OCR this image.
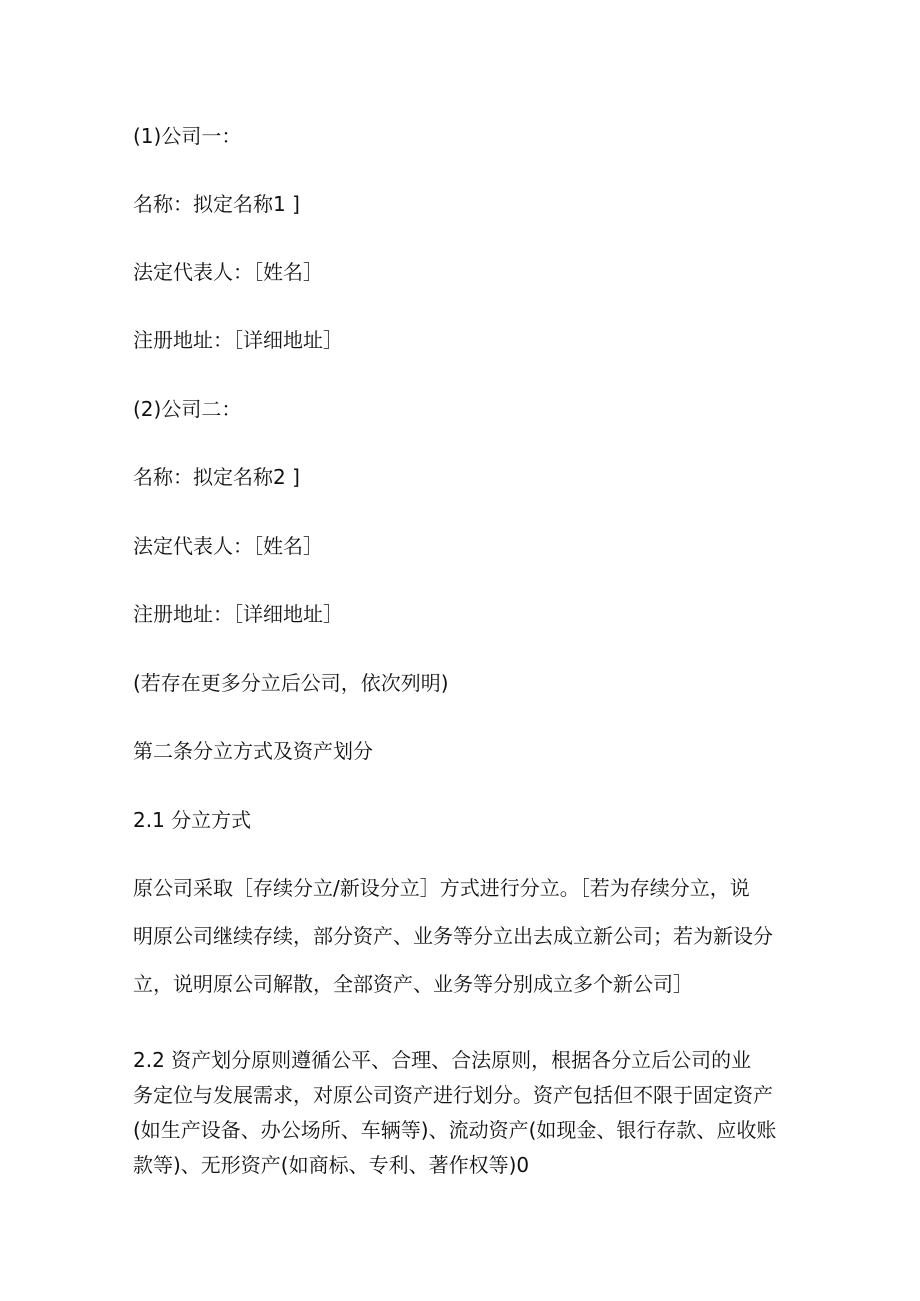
(1)公司一：

名称：拟定名称1 ]

法定代表人：［姓名］

注册地址：［详细地址］

(2)公司二：

名称：拟定名称2 ]

法定代表人：［姓名］

注册地址：［详细地址］

(若存在更多分立后公司，依次列明)

第二条分立方式及资产划分

2.1 分立方式

原公司采取［存续分立/新设分立］方式进行分立。［若为存续分立，说
明原公司继续存续，部分资产、业务等分立出去成立新公司；若为新设分
立，说明原公司解散，全部资产、业务等分别成立多个新公司］

2.2 资产划分原则遵循公平、合理、合法原则，根据各分立后公司的业
务定位与发展需求，对原公司资产进行划分。资产包括但不限于固定资产
(如生产设备、办公场所、车辆等)、流动资产(如现金、银行存款、应收账
款等)、无形资产(如商标、专利、著作权等)0
